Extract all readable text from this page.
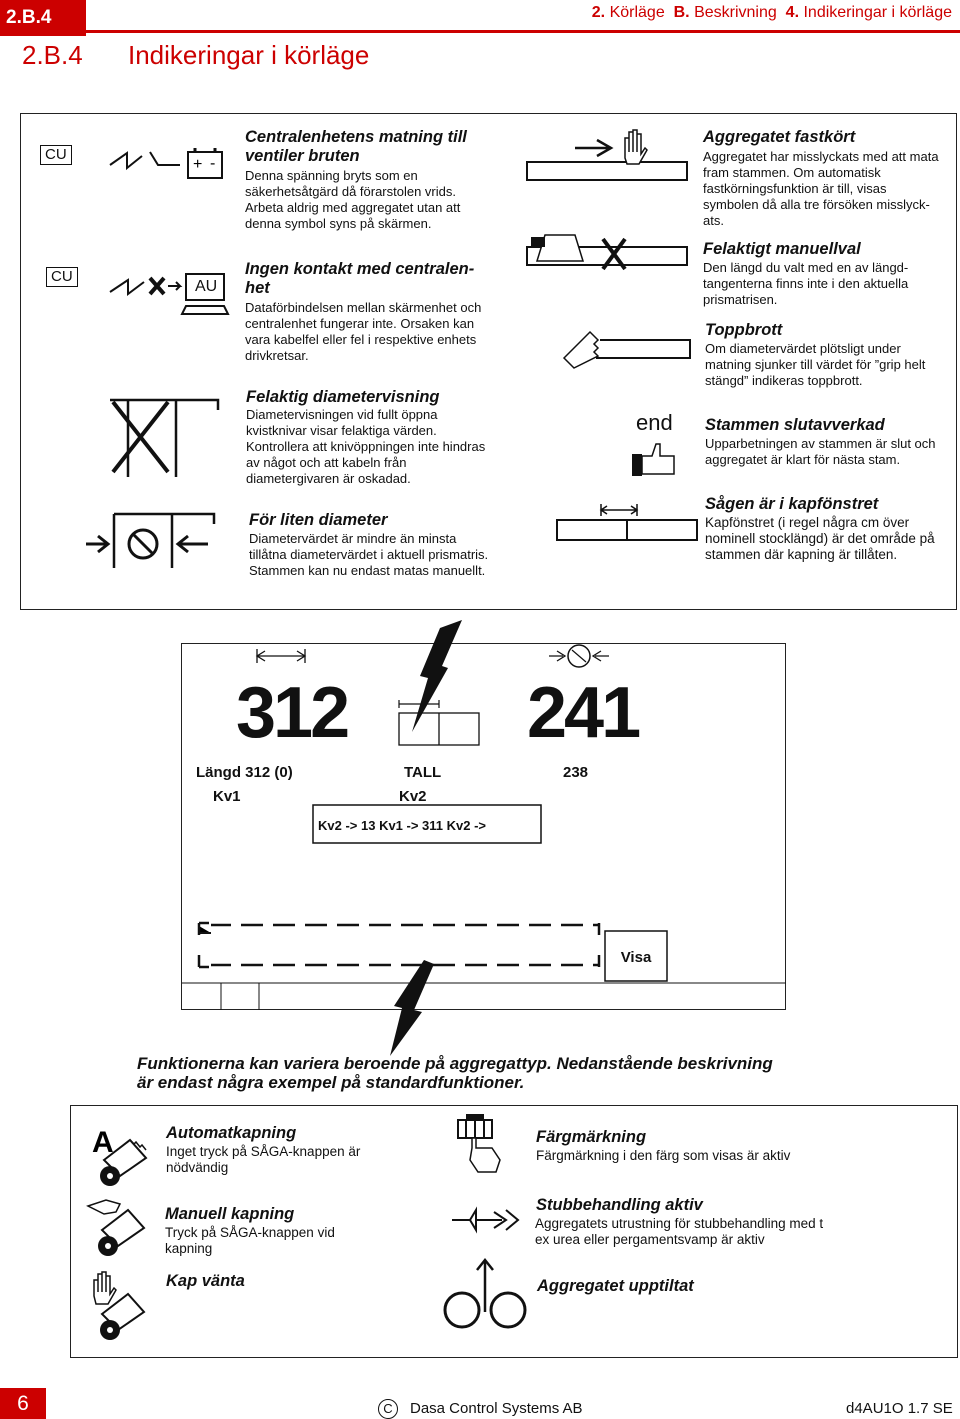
2.B.4	2. Körläge B. Beskrivning 4. Indikeringar i körläge
2.B.4 Indikeringar i körläge
CU
+ -
Centralenhetens matning till ventiler bruten
Denna spänning bryts som en säkerhetsåtgärd då förarstolen vrids. Arbeta aldrig med aggregatet utan att denna symbol syns på skärmen.
CU
AU
Ingen kontakt med centralen-het
Dataförbindelsen mellan skärmenhet och centralenhet fungerar inte. Orsaken kan vara kabelfel eller fel i respektive enhets drivkretsar.
Felaktig diametervisning
Diametervisningen vid fullt öppna kvistknivar visar felaktiga värden. Kontrollera att knivöppningen inte hindras av något och att kabeln från diametergivaren är oskadad.
För liten diameter
Diametervärdet är mindre än minsta tillåtna diametervärdet i aktuell prismatris. Stammen kan nu endast matas manuellt.
Aggregatet fastkört
Aggregatet har misslyckats med att mata fram stammen. Om automatisk fastkörningsfunktion är till, visas symbolen då alla tre försöken misslyck-ats.
Felaktigt manuellval
Den längd du valt med en av längd-tangenterna finns inte i den aktuella prismatrisen.
Toppbrott
Om diametervärdet plötsligt under matning sjunker till värdet för ”grip helt stängd” indikeras toppbrott.
end Stammen slutavverkad
Upparbetningen av stammen är slut och aggregatet är klart för nästa stam.
Sågen är i kapfönstret
Kapfönstret (i regel några cm över nominell stocklängd) är det område på stammen där kapning är tillåten.
312 241
Längd 312 (0)	TALL	238
Kv1	Kv2
Kv2 -> 13 Kv1 -> 311 Kv2 ->
Visa
Funktionerna kan variera beroende på aggregattyp. Nedanstående beskrivning är endast några exempel på standardfunktioner.
A	Automatkapning
Inget tryck på SÅGA-knappen är nödvändig
Manuell kapning
Tryck på SÅGA-knappen vid kapning
Kap vänta
Färgmärkning
Färgmärkning i den färg som visas är aktiv
Stubbehandling aktiv
Aggregatets utrustning för stubbehandling med t ex urea eller pergamentsvamp är aktiv
Aggregatet upptiltat
6	C	Dasa Control Systems AB	d4AU1O 1.7 SE
